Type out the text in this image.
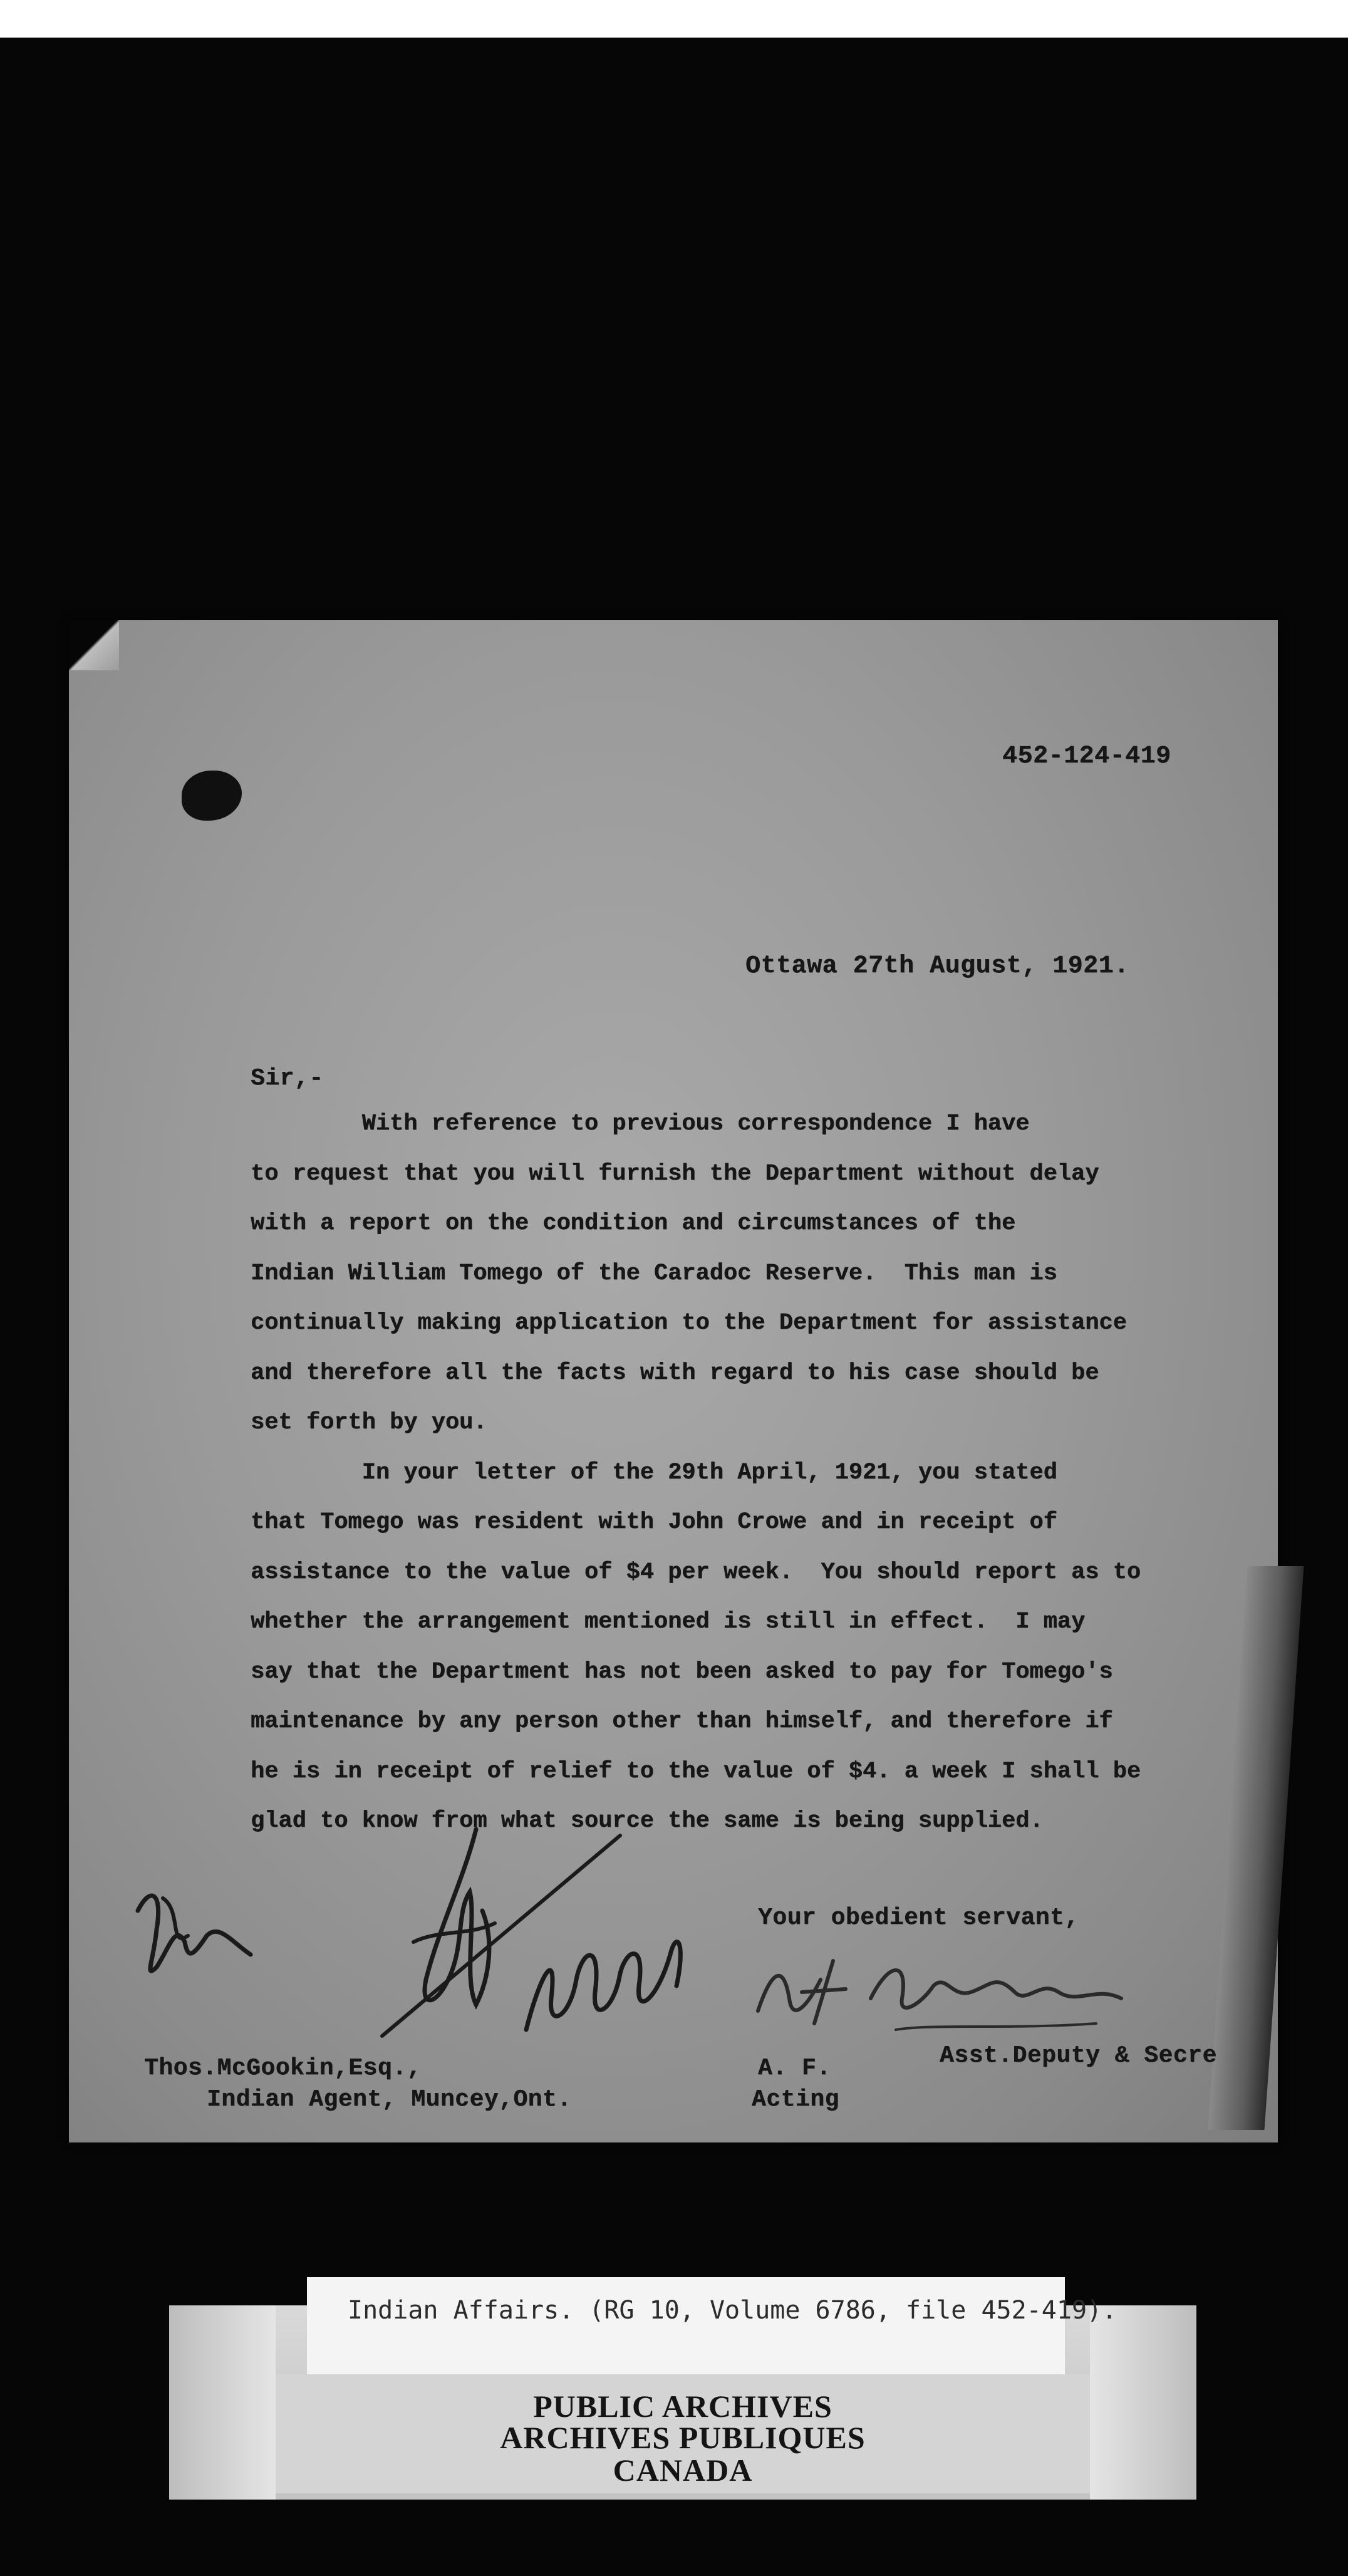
452-124-419
Ottawa 27th August, 1921.
Sir,-
With reference to previous correspondence I have
to request that you will furnish the Department without delay
with a report on the condition and circumstances of the
Indian William Tomego of the Caradoc Reserve.  This man is
continually making application to the Department for assistance
and therefore all the facts with regard to his case should be
set forth by you.
In your letter of the 29th April, 1921, you stated
that Tomego was resident with John Crowe and in receipt of
assistance to the value of $4 per week.  You should report as to
whether the arrangement mentioned is still in effect.  I may
say that the Department has not been asked to pay for Tomego's
maintenance by any person other than himself, and therefore if
he is in receipt of relief to the value of $4. a week I shall be
glad to know from what source the same is being supplied.
Your obedient servant,
Thos.McGookin,Esq.,
Indian Agent, Muncey,Ont.
A. F.	Asst.Deputy & Secre
Acting
Indian Affairs. (RG 10, Volume 6786, file 452-419).
PUBLIC ARCHIVES
ARCHIVES PUBLIQUES
CANADA
